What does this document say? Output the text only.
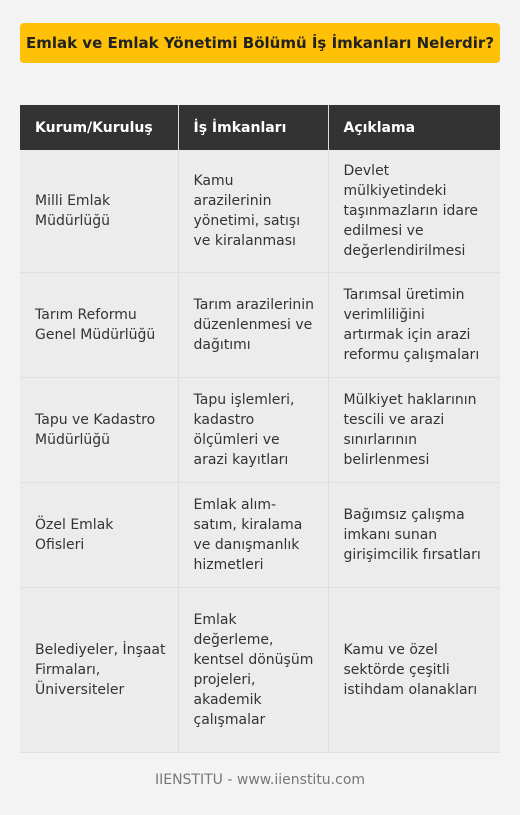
Emlak ve Emlak Yönetimi Bölümü İş İmkanları Nelerdir?
Kurum/Kuruluş	İş İmkanları	Açıklama
Milli Emlak Müdürlüğü	Kamu arazilerinin yönetimi, satışı ve kiralanması	Devlet mülkiyetindeki taşınmazların idare edilmesi ve değerlendirilmesi
Tarım Reformu Genel Müdürlüğü	Tarım arazilerinin düzenlenmesi ve dağıtımı	Tarımsal üretimin verimliliğini artırmak için arazi reformu çalışmaları
Tapu ve Kadastro Müdürlüğü	Tapu işlemleri, kadastro ölçümleri ve arazi kayıtları	Mülkiyet haklarının tescili ve arazi sınırlarının belirlenmesi
Özel Emlak Ofisleri	Emlak alım-satım, kiralama ve danışmanlık hizmetleri	Bağımsız çalışma imkanı sunan girişimcilik fırsatları
Belediyeler, İnşaat Firmaları, Üniversiteler	Emlak değerleme, kentsel dönüşüm projeleri, akademik çalışmalar	Kamu ve özel sektörde çeşitli istihdam olanakları
IIENSTITU - www.iienstitu.com
